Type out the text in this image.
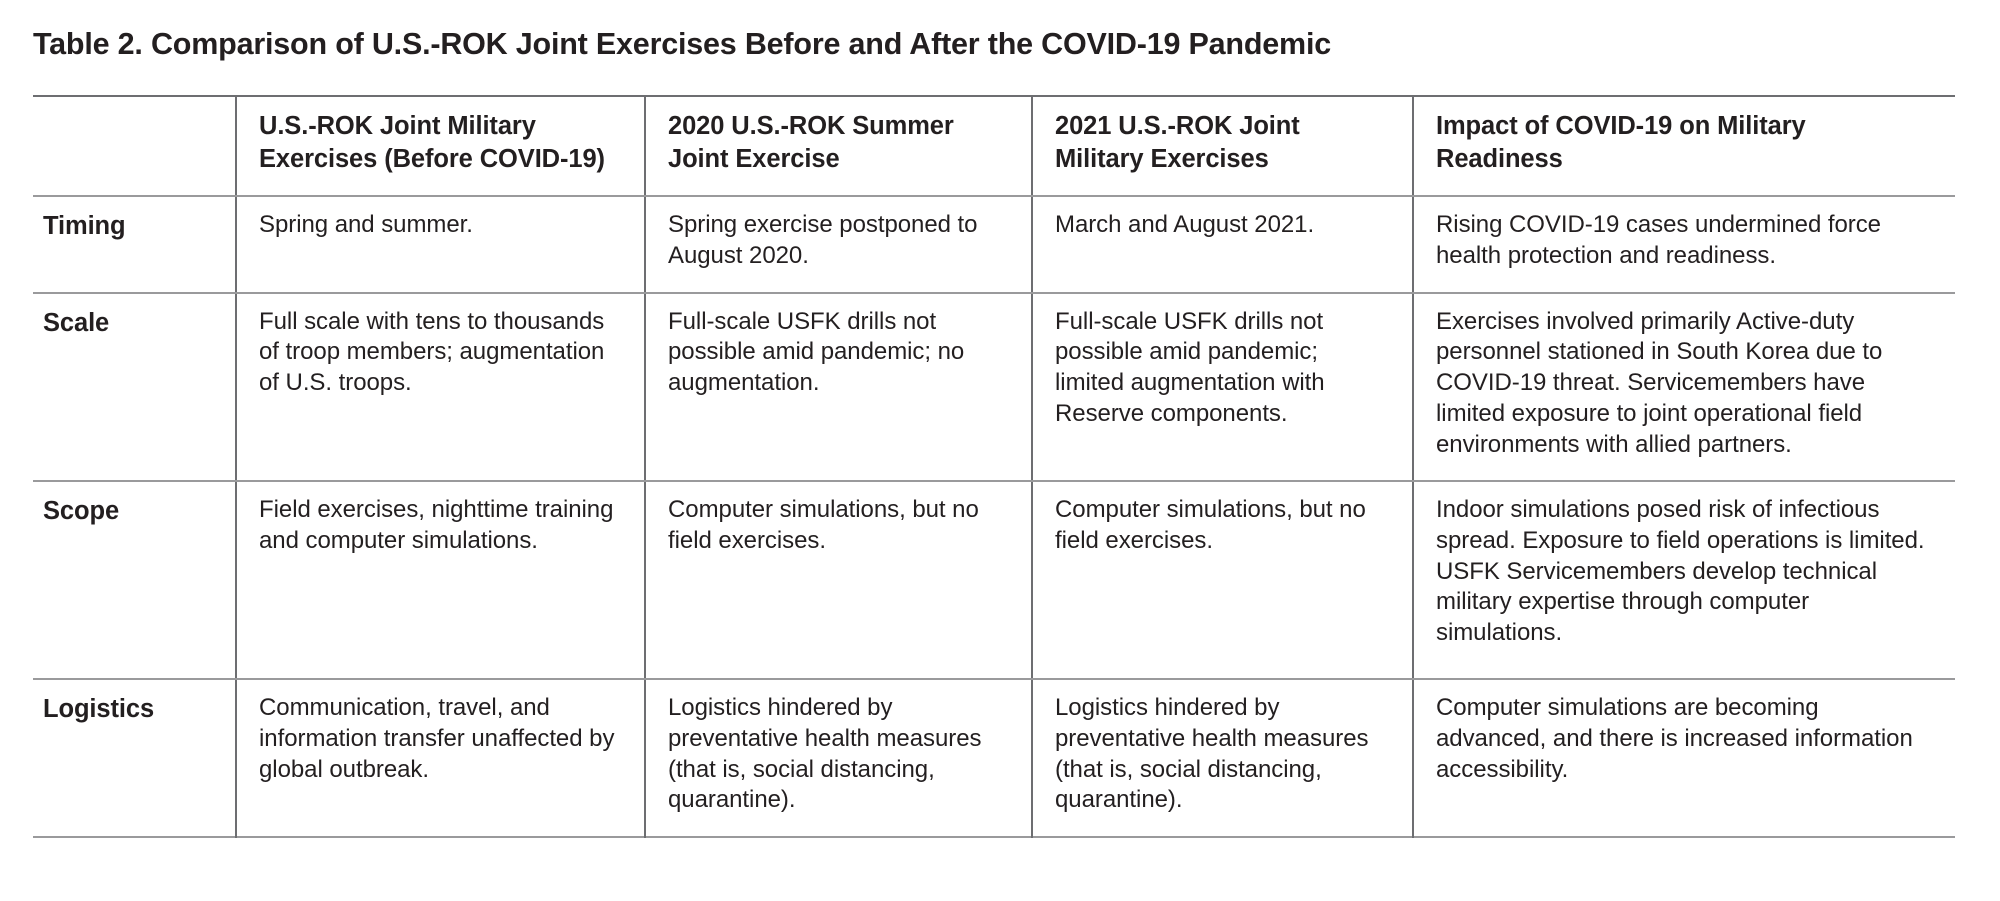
Table 2. Comparison of U.S.-ROK Joint Exercises Before and After the COVID-19 Pandemic
	U.S.-ROK Joint Military Exercises (Before COVID-19)	2020 U.S.-ROK Summer Joint Exercise	2021 U.S.-ROK Joint Military Exercises	Impact of COVID-19 on Military Readiness
Timing	Spring and summer.	Spring exercise postponed to August 2020.	March and August 2021.	Rising COVID-19 cases undermined force health protection and readiness.
Scale	Full scale with tens to thousands of troop members; augmentation of U.S. troops.	Full-scale USFK drills not possible amid pandemic; no augmentation.	Full-scale USFK drills not possible amid pandemic; limited augmentation with Reserve components.	Exercises involved primarily Active-duty personnel stationed in South Korea due to COVID-19 threat. Servicemembers have limited exposure to joint operational field environments with allied partners.
Scope	Field exercises, nighttime training and computer simulations.	Computer simulations, but no field exercises.	Computer simulations, but no field exercises.	Indoor simulations posed risk of infectious spread. Exposure to field operations is limited. USFK Servicemembers develop technical military expertise through computer simulations.
Logistics	Communication, travel, and information transfer unaffected by global outbreak.	Logistics hindered by preventative health measures (that is, social distancing, quarantine).	Logistics hindered by preventative health measures (that is, social distancing, quarantine).	Computer simulations are becoming advanced, and there is increased information accessibility.
